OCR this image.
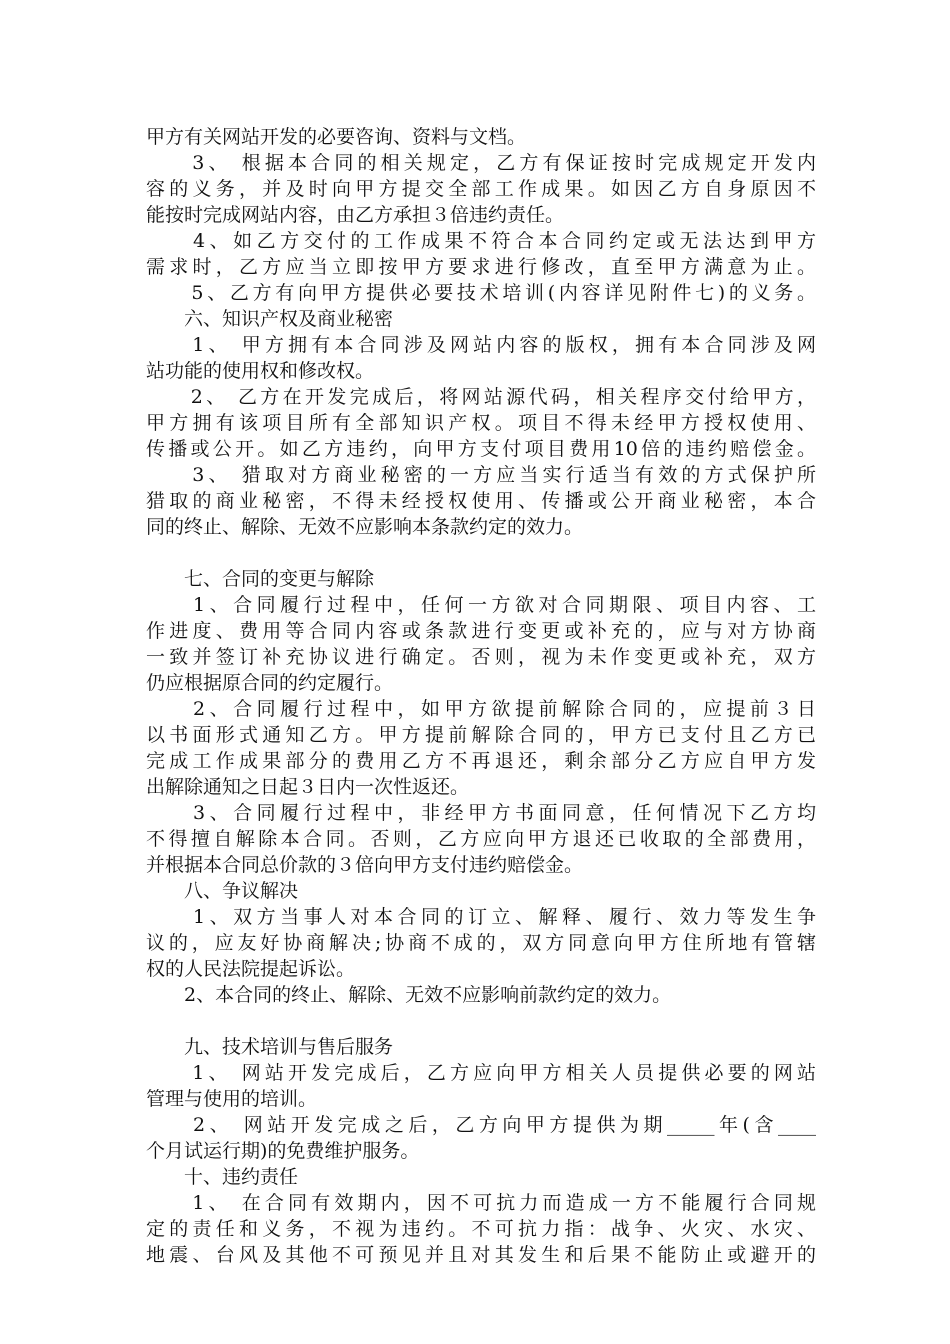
甲方有关网站开发的必要咨询、资料与文档。
　　3、 根据本合同的相关规定，乙方有保证按时完成规定开发内
容的义务，并及时向甲方提交全部工作成果。如因乙方自身原因不
能按时完成网站内容，由乙方承担３倍违约责任。
　　4、如乙方交付的工作成果不符合本合同约定或无法达到甲方
需求时，乙方应当立即按甲方要求进行修改，直至甲方满意为止。
　　5、乙方有向甲方提供必要技术培训(内容详见附件七)的义务。
　　六、知识产权及商业秘密
　　1、 甲方拥有本合同涉及网站内容的版权，拥有本合同涉及网
站功能的使用权和修改权。
　　2、 乙方在开发完成后，将网站源代码，相关程序交付给甲方，
甲方拥有该项目所有全部知识产权。项目不得未经甲方授权使用、
传播或公开。如乙方违约，向甲方支付项目费用10倍的违约赔偿金。
　　3、 猎取对方商业秘密的一方应当实行适当有效的方式保护所
猎取的商业秘密，不得未经授权使用、传播或公开商业秘密，本合
同的终止、解除、无效不应影响本条款约定的效力。
　　七、合同的变更与解除
　　1、合同履行过程中，任何一方欲对合同期限、项目内容、工
作进度、费用等合同内容或条款进行变更或补充的，应与对方协商
一致并签订补充协议进行确定。否则，视为未作变更或补充，双方
仍应根据原合同的约定履行。
　　2、合同履行过程中，如甲方欲提前解除合同的，应提前３日
以书面形式通知乙方。甲方提前解除合同的，甲方已支付且乙方已
完成工作成果部分的费用乙方不再退还，剩余部分乙方应自甲方发
出解除通知之日起３日内一次性返还。
　　3、合同履行过程中，非经甲方书面同意，任何情况下乙方均
不得擅自解除本合同。否则，乙方应向甲方退还已收取的全部费用，
并根据本合同总价款的３倍向甲方支付违约赔偿金。
　　八、争议解决
　　1、双方当事人对本合同的订立、解释、履行、效力等发生争
议的，应友好协商解决;协商不成的，双方同意向甲方住所地有管辖
权的人民法院提起诉讼。
　　2、本合同的终止、解除、无效不应影响前款约定的效力。
　　九、技术培训与售后服务
　　1、 网站开发完成后，乙方应向甲方相关人员提供必要的网站
管理与使用的培训。
　　2、 网站开发完成之后，乙方向甲方提供为期_____年(含____
个月试运行期)的免费维护服务。
　　十、违约责任
　　1、 在合同有效期内，因不可抗力而造成一方不能履行合同规
定的责任和义务，不视为违约。不可抗力指：战争、火灾、水灾、
地震、台风及其他不可预见并且对其发生和后果不能防止或避开的
